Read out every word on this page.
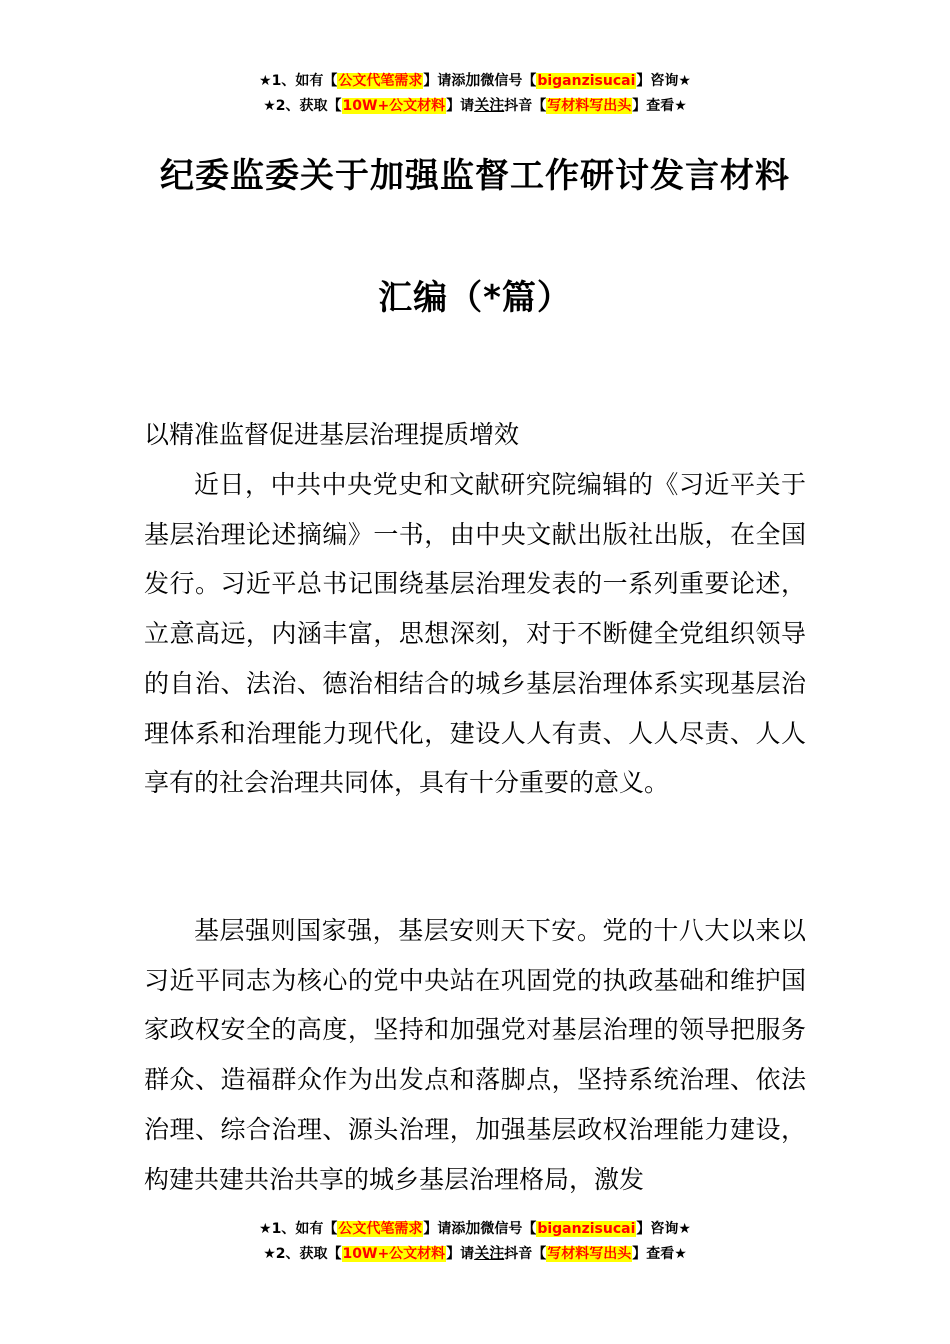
★1、如有【公文代笔需求】请添加微信号【biganzisucai】咨询★
★2、获取【10W+公文材料】请关注抖音【写材料写出头】查看★
纪委监委关于加强监督工作研讨发言材料
汇编（*篇）
以精准监督促进基层治理提质增效

近日，中共中央党史和文献研究院编辑的《习近平关于基层治理论述摘编》一书，由中央文献出版社出版，在全国发行。习近平总书记围绕基层治理发表的一系列重要论述，立意高远，内涵丰富，思想深刻，对于不断健全党组织领导的自治、法治、德治相结合的城乡基层治理体系实现基层治理体系和治理能力现代化，建设人人有责、人人尽责、人人享有的社会治理共同体，具有十分重要的意义。

基层强则国家强，基层安则天下安。党的十八大以来以习近平同志为核心的党中央站在巩固党的执政基础和维护国家政权安全的高度，坚持和加强党对基层治理的领导把服务群众、造福群众作为出发点和落脚点，坚持系统治理、依法治理、综合治理、源头治理，加强基层政权治理能力建设，构建共建共治共享的城乡基层治理格局，激发

★1、如有【公文代笔需求】请添加微信号【biganzisucai】咨询★
★2、获取【10W+公文材料】请关注抖音【写材料写出头】查看★
